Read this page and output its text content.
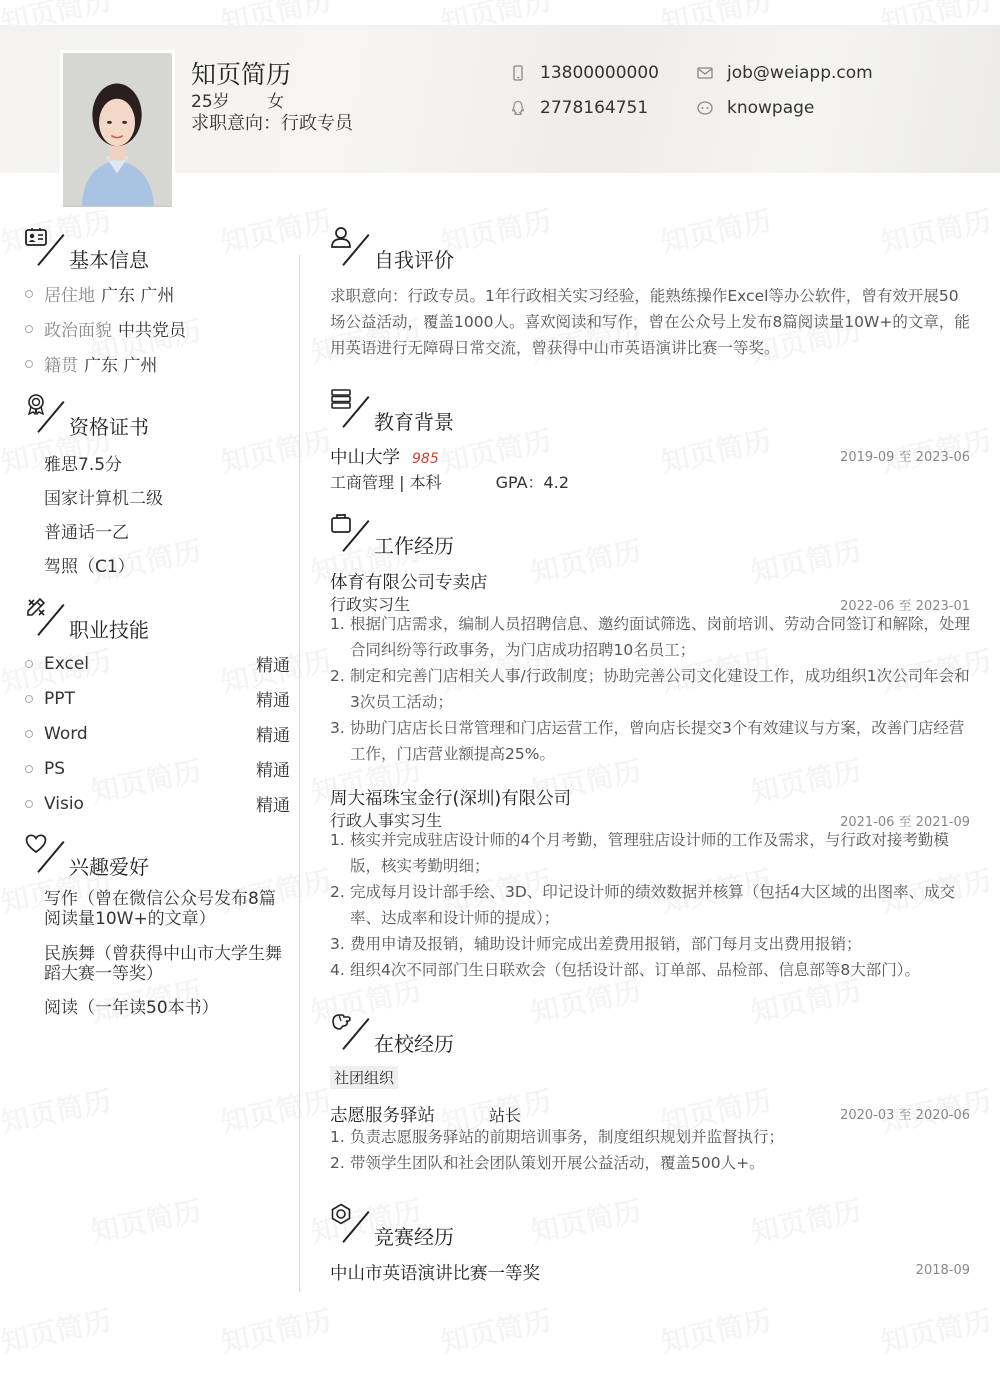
知页简历
25岁 女
求职意向：行政专员
13800000000	job@weiapp.com
2778164751	knowpage
基本信息
居住地 广东 广州
政治面貌 中共党员
籍贯 广东 广州
资格证书
雅思7.5分
国家计算机二级
普通话一乙
驾照（C1）
职业技能
Excel	精通
PPT	精通
Word	精通
PS	精通
Visio	精通
兴趣爱好
写作（曾在微信公众号发布8篇阅读量10W+的文章）
民族舞（曾获得中山市大学生舞蹈大赛一等奖）
阅读（一年读50本书）
自我评价
求职意向：行政专员。1年行政相关实习经验，能熟练操作Excel等办公软件，曾有效开展50场公益活动，覆盖1000人。喜欢阅读和写作，曾在公众号上发布8篇阅读量10W+的文章，能用英语进行无障碍日常交流，曾获得中山市英语演讲比赛一等奖。
教育背景
中山大学 985	2019-09 至 2023-06
工商管理 | 本科	GPA：4.2
工作经历
体育有限公司专卖店
行政实习生	2022-06 至 2023-01
1. 根据门店需求，编制人员招聘信息、邀约面试筛选、岗前培训、劳动合同签订和解除，处理合同纠纷等行政事务，为门店成功招聘10名员工；
2. 制定和完善门店相关人事/行政制度；协助完善公司文化建设工作，成功组织1次公司年会和3次员工活动；
3. 协助门店店长日常管理和门店运营工作，曾向店长提交3个有效建议与方案，改善门店经营工作，门店营业额提高25%。
周大福珠宝金行(深圳)有限公司
行政人事实习生	2021-06 至 2021-09
1. 核实并完成驻店设计师的4个月考勤，管理驻店设计师的工作及需求，与行政对接考勤模版，核实考勤明细；
2. 完成每月设计部手绘、3D、印记设计师的绩效数据并核算（包括4大区域的出图率、成交率、达成率和设计师的提成）；
3. 费用申请及报销，辅助设计师完成出差费用报销，部门每月支出费用报销；
4. 组织4次不同部门生日联欢会（包括设计部、订单部、品检部、信息部等8大部门）。
在校经历
社团组织
志愿服务驿站	站长	2020-03 至 2020-06
1. 负责志愿服务驿站的前期培训事务，制度组织规划并监督执行；
2. 带领学生团队和社会团队策划开展公益活动，覆盖500人+。
竞赛经历
中山市英语演讲比赛一等奖	2018-09
